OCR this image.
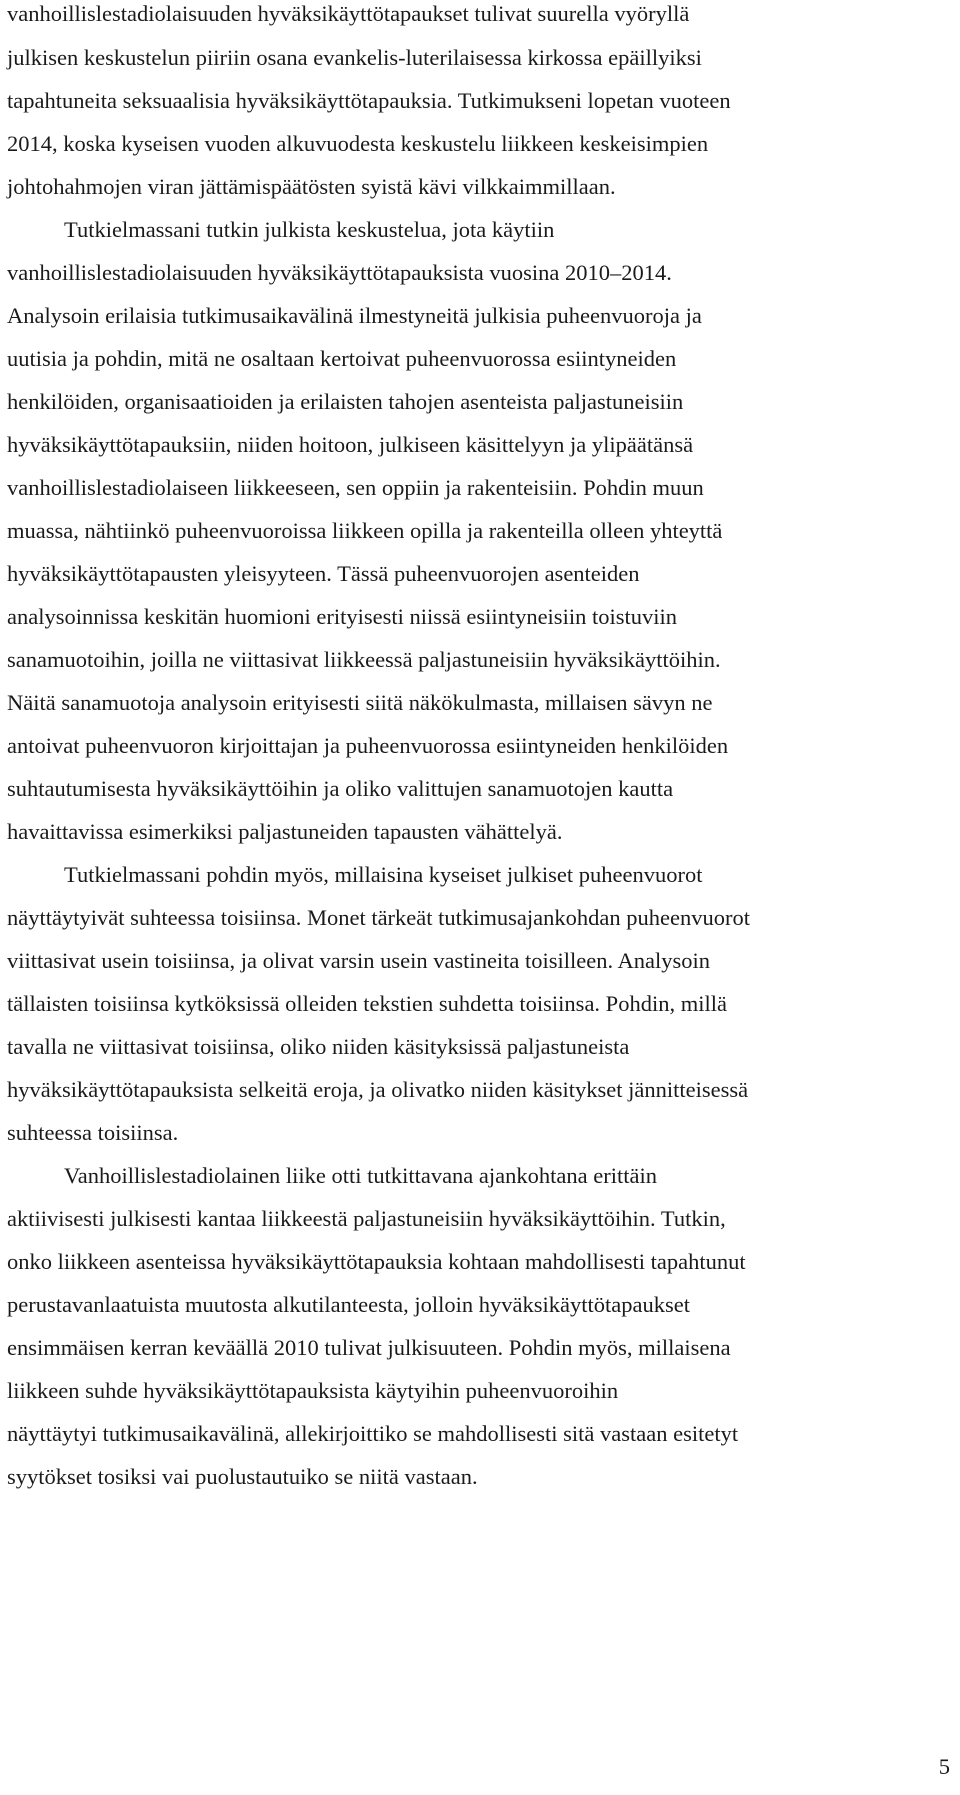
vanhoillislestadiolaisuuden hyväksikäyttötapaukset tulivat suurella vyöryllä

julkisen keskustelun piiriin osana evankelis-luterilaisessa kirkossa epäillyiksi

tapahtuneita seksuaalisia hyväksikäyttötapauksia. Tutkimukseni lopetan vuoteen

2014, koska kyseisen vuoden alkuvuodesta keskustelu liikkeen keskeisimpien

johtohahmojen viran jättämispäätösten syistä kävi vilkkaimmillaan.

Tutkielmassani tutkin julkista keskustelua, jota käytiin

vanhoillislestadiolaisuuden hyväksikäyttötapauksista vuosina 2010–2014.

Analysoin erilaisia tutkimusaikavälinä ilmestyneitä julkisia puheenvuoroja ja

uutisia ja pohdin, mitä ne osaltaan kertoivat puheenvuorossa esiintyneiden

henkilöiden, organisaatioiden ja erilaisten tahojen asenteista paljastuneisiin

hyväksikäyttötapauksiin, niiden hoitoon, julkiseen käsittelyyn ja ylipäätänsä

vanhoillislestadiolaiseen liikkeeseen, sen oppiin ja rakenteisiin. Pohdin muun

muassa, nähtiinkö puheenvuoroissa liikkeen opilla ja rakenteilla olleen yhteyttä

hyväksikäyttötapausten yleisyyteen. Tässä puheenvuorojen asenteiden

analysoinnissa keskitän huomioni erityisesti niissä esiintyneisiin toistuviin

sanamuotoihin, joilla ne viittasivat liikkeessä paljastuneisiin hyväksikäyttöihin.

Näitä sanamuotoja analysoin erityisesti siitä näkökulmasta, millaisen sävyn ne

antoivat puheenvuoron kirjoittajan ja puheenvuorossa esiintyneiden henkilöiden

suhtautumisesta hyväksikäyttöihin ja oliko valittujen sanamuotojen kautta

havaittavissa esimerkiksi paljastuneiden tapausten vähättelyä.

Tutkielmassani pohdin myös, millaisina kyseiset julkiset puheenvuorot

näyttäytyivät suhteessa toisiinsa. Monet tärkeät tutkimusajankohdan puheenvuorot

viittasivat usein toisiinsa, ja olivat varsin usein vastineita toisilleen. Analysoin

tällaisten toisiinsa kytköksissä olleiden tekstien suhdetta toisiinsa. Pohdin, millä

tavalla ne viittasivat toisiinsa, oliko niiden käsityksissä paljastuneista

hyväksikäyttötapauksista selkeitä eroja, ja olivatko niiden käsitykset jännitteisessä

suhteessa toisiinsa.

Vanhoillislestadiolainen liike otti tutkittavana ajankohtana erittäin

aktiivisesti julkisesti kantaa liikkeestä paljastuneisiin hyväksikäyttöihin. Tutkin,

onko liikkeen asenteissa hyväksikäyttötapauksia kohtaan mahdollisesti tapahtunut

perustavanlaatuista muutosta alkutilanteesta, jolloin hyväksikäyttötapaukset

ensimmäisen kerran keväällä 2010 tulivat julkisuuteen. Pohdin myös, millaisena

liikkeen suhde hyväksikäyttötapauksista käytyihin puheenvuoroihin

näyttäytyi tutkimusaikavälinä, allekirjoittiko se mahdollisesti sitä vastaan esitetyt

syytökset tosiksi vai puolustautuiko se niitä vastaan.

5
